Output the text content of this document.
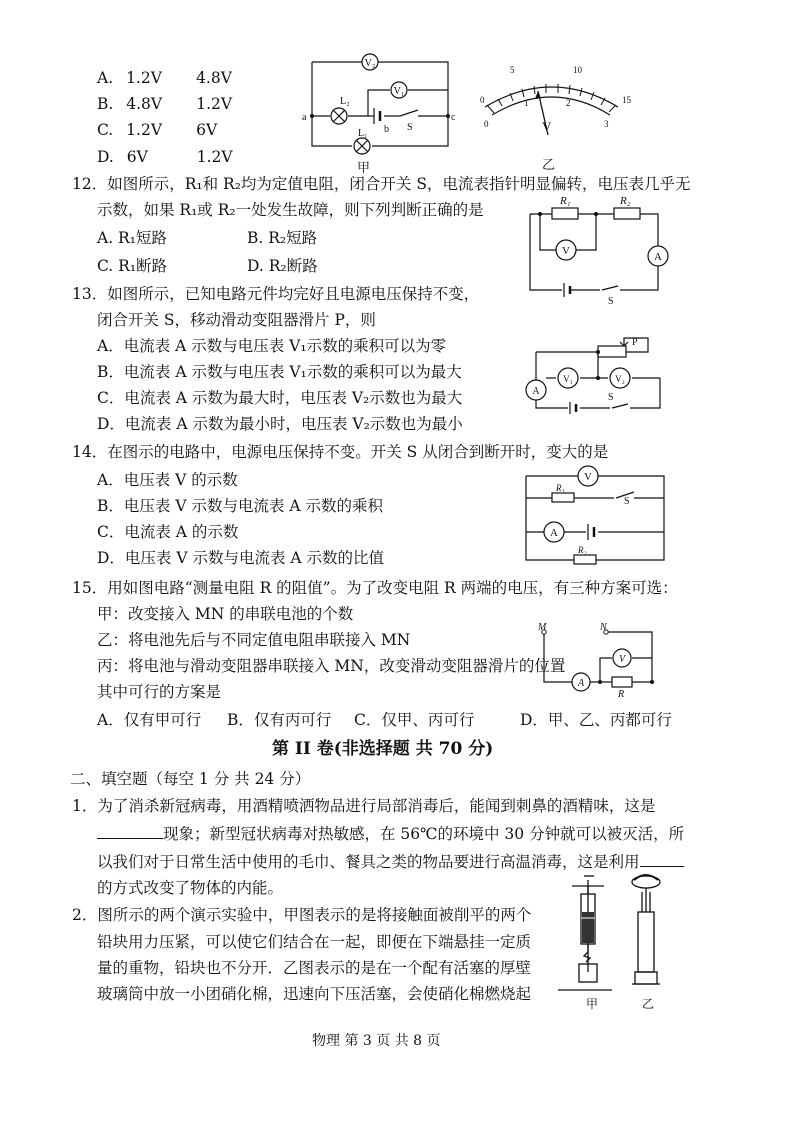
A. 1.2V 4.8V
B. 4.8V 1.2V
C. 1.2V 6V
D. 6V	1.2V
V₂
V₁
L₂
L₁
a
b
c
S
甲
0
5	10
15
0
1	2
3
V
乙
12．如图所示，R₁和 R₂均为定值电阻，闭合开关 S，电流表指针明显偏转，电压表几乎无
示数，如果 R₁或 R₂一处发生故障，则下列判断正确的是
A. R₁短路	B. R₂短路
C. R₁断路	D. R₂断路
R₁	R₂
V	A
S
13．如图所示，已知电路元件均完好且电源电压保持不变，
闭合开关 S，移动滑动变阻器滑片 P，则
A．电流表 A 示数与电压表 V₁示数的乘积可以为零
B．电流表 A 示数与电压表 V₁示数的乘积可以为最大
C．电流表 A 示数为最大时，电压表 V₂示数也为最大
D．电流表 A 示数为最小时，电压表 V₂示数也为最小
P
A
V₁	V₂
S
14．在图示的电路中，电源电压保持不变。开关 S 从闭合到断开时，变大的是
A．电压表 V 的示数
B．电压表 V 示数与电流表 A 示数的乘积
C．电流表 A 的示数
D．电压表 V 示数与电流表 A 示数的比值
V
R₁
S
A
R₂
15．用如图电路“测量电阻 R 的阻值”。为了改变电阻 R 两端的电压，有三种方案可选：
甲：改变接入 MN 的串联电池的个数
乙：将电池先后与不同定值电阻串联接入 MN
丙：将电池与滑动变阻器串联接入 MN，改变滑动变阻器滑片的位置
其中可行的方案是
A．仅有甲可行 B．仅有丙可行 C．仅甲、丙可行	D．甲、乙、丙都可行
M	N
V
A
R
第 II 卷(非选择题 共 70 分)
二、填空题（每空 1 分 共 24 分）
1．为了消杀新冠病毒，用酒精喷洒物品进行局部消毒后，能闻到刺鼻的酒精味，这是
现象；新型冠状病毒对热敏感，在 56℃的环境中 30 分钟就可以被灭活，所
以我们对于日常生活中使用的毛巾、餐具之类的物品要进行高温消毒，这是利用
的方式改变了物体的内能。
2．图所示的两个演示实验中，甲图表示的是将接触面被削平的两个
铅块用力压紧，可以使它们结合在一起，即便在下端悬挂一定质
量的重物，铅块也不分开．乙图表示的是在一个配有活塞的厚壁
玻璃筒中放一小团硝化棉，迅速向下压活塞，会使硝化棉燃烧起
甲	乙
物理 第 3 页 共 8 页
